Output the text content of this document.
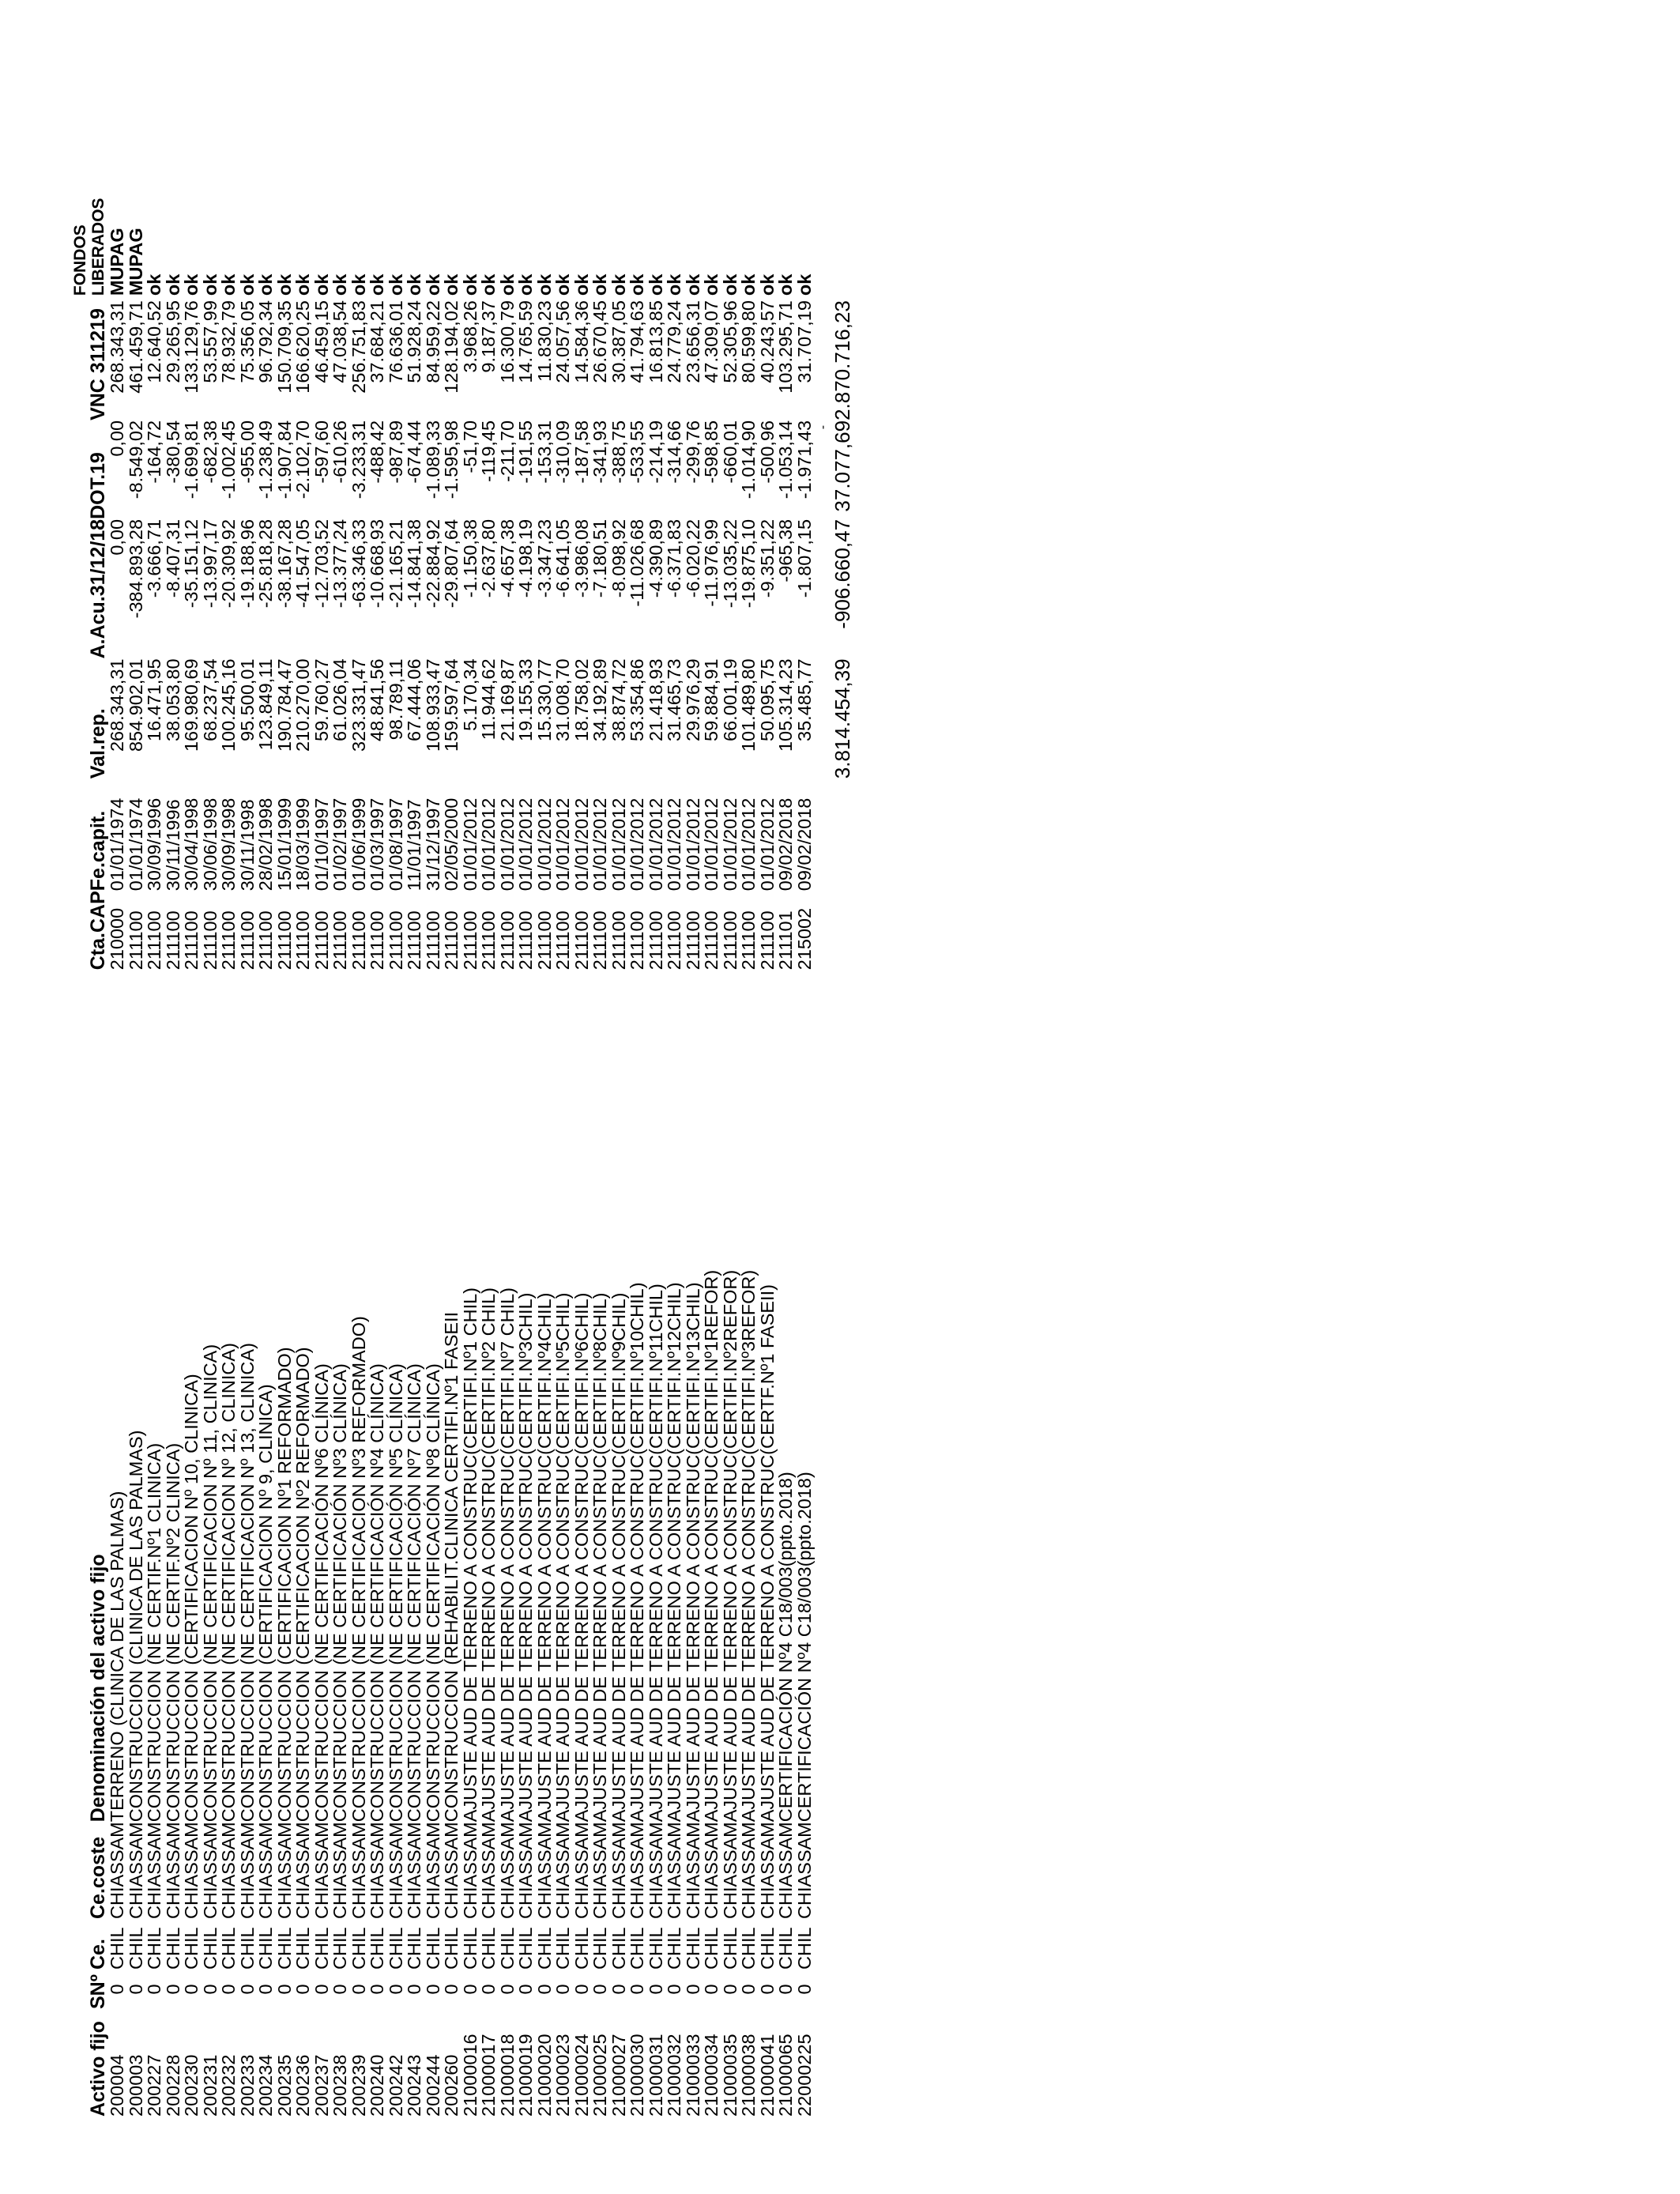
Activo fijo	SNº	Ce.	Ce.coste	Denominación del activo fijo	Cta.CAP	Fe.capit.	Val.rep.	A.Acu.31/12/18	DOT.19	VNC 311219	FONDOS LIBERADOS

200004	0	CHIL	CHIASSAM	TERRENO (CLINICA DE LAS PALMAS)	210000	01/01/1974	268.343,31	0,00	0,00	268.343,31	MUPAG
200003	0	CHIL	CHIASSAM	CONSTRUCCION (CLINICA DE LAS PALMAS)	211100	01/01/1974	854.902,01	-384.893,28	-8.549,02	461.459,71	MUPAG
200227	0	CHIL	CHIASSAM	CONSTRUCCION (NE CERTIF.Nº1 CLINICA)	211100	30/09/1996	16.471,95	-3.666,71	-164,72	12.640,52	ok
200228	0	CHIL	CHIASSAM	CONSTRUCCION (NE CERTIF.Nº2 CLINICA)	211100	30/11/1996	38.053,80	-8.407,31	-380,54	29.265,95	ok
200230	0	CHIL	CHIASSAM	CONSTRUCCION (CERTIFICACION Nº 10, CLINICA)	211100	30/04/1998	169.980,69	-35.151,12	-1.699,81	133.129,76	ok
200231	0	CHIL	CHIASSAM	CONSTRUCCION (NE CERTIFICACION Nº 11, CLINICA)	211100	30/06/1998	68.237,54	-13.997,17	-682,38	53.557,99	ok
200232	0	CHIL	CHIASSAM	CONSTRUCCION (NE CERTIFICACION Nº 12, CLINICA)	211100	30/09/1998	100.245,16	-20.309,92	-1.002,45	78.932,79	ok
200233	0	CHIL	CHIASSAM	CONSTRUCCION (NE CERTIFICACION Nº 13, CLINICA)	211100	30/11/1998	95.500,01	-19.188,96	-955,00	75.356,05	ok
200234	0	CHIL	CHIASSAM	CONSTRUCCION (CERTIFICACION Nº 9, CLINICA)	211100	28/02/1998	123.849,11	-25.818,28	-1.238,49	96.792,34	ok
200235	0	CHIL	CHIASSAM	CONSTRUCCION (CERTIFICACION Nº1 REFORMADO)	211100	15/01/1999	190.784,47	-38.167,28	-1.907,84	150.709,35	ok
200236	0	CHIL	CHIASSAM	CONSTRUCCION (CERTIFICACION Nº2 REFORMADO)	211100	18/03/1999	210.270,00	-41.547,05	-2.102,70	166.620,25	ok
200237	0	CHIL	CHIASSAM	CONSTRUCCION (NE CERTIFICACIÓN Nº6 CLÍNICA)	211100	01/10/1997	59.760,27	-12.703,52	-597,60	46.459,15	ok
200238	0	CHIL	CHIASSAM	CONSTRUCCION (NE CERTIFICACIÓN Nº3 CLÍNICA)	211100	01/02/1997	61.026,04	-13.377,24	-610,26	47.038,54	ok
200239	0	CHIL	CHIASSAM	CONSTRUCCION (NE CERTIFICACION Nº3 REFORMADO)	211100	01/06/1999	323.331,47	-63.346,33	-3.233,31	256.751,83	ok
200240	0	CHIL	CHIASSAM	CONSTRUCCION (NE CERTIFICACIÓN Nº4 CLÍNICA)	211100	01/03/1997	48.841,56	-10.668,93	-488,42	37.684,21	ok
200242	0	CHIL	CHIASSAM	CONSTRUCCION (NE CERTIFICACIÓN Nº5 CLÍNICA)	211100	01/08/1997	98.789,11	-21.165,21	-987,89	76.636,01	ok
200243	0	CHIL	CHIASSAM	CONSTRUCCION (NE CERTIFICACIÓN Nº7 CLÍNICA)	211100	11/01/1997	67.444,06	-14.841,38	-674,44	51.928,24	ok
200244	0	CHIL	CHIASSAM	CONSTRUCCION (NE CERTIFICACIÓN Nº8 CLÍNICA)	211100	31/12/1997	108.933,47	-22.884,92	-1.089,33	84.959,22	ok
200260	0	CHIL	CHIASSAM	CONSTRUCCION (REHABILIT.CLINICA CERTIFI.Nº1 FASEII	211100	02/05/2000	159.597,64	-29.807,64	-1.595,98	128.194,02	ok
21000016	0	CHIL	CHIASSAM	AJUSTE AUD DE TERRENO A CONSTRUC(CERTIFI.Nº1 CHIL)	211100	01/01/2012	5.170,34	-1.150,38	-51,70	3.968,26	ok
21000017	0	CHIL	CHIASSAM	AJUSTE AUD DE TERRENO A CONSTRUC(CERTIFI.Nº2 CHIL)	211100	01/01/2012	11.944,62	-2.637,80	-119,45	9.187,37	ok
21000018	0	CHIL	CHIASSAM	AJUSTE AUD DE TERRENO A CONSTRUC(CERTIFI.Nº7 CHIL)	211100	01/01/2012	21.169,87	-4.657,38	-211,70	16.300,79	ok
21000019	0	CHIL	CHIASSAM	AJUSTE AUD DE TERRENO A CONSTRUC(CERTIFI.Nº3CHIL)	211100	01/01/2012	19.155,33	-4.198,19	-191,55	14.765,59	ok
21000020	0	CHIL	CHIASSAM	AJUSTE AUD DE TERRENO A CONSTRUC(CERTIFI.Nº4CHIL)	211100	01/01/2012	15.330,77	-3.347,23	-153,31	11.830,23	ok
21000023	0	CHIL	CHIASSAM	AJUSTE AUD DE TERRENO A CONSTRUC(CERTIFI.Nº5CHIL)	211100	01/01/2012	31.008,70	-6.641,05	-310,09	24.057,56	ok
21000024	0	CHIL	CHIASSAM	AJUSTE AUD DE TERRENO A CONSTRUC(CERTIFI.Nº6CHIL)	211100	01/01/2012	18.758,02	-3.986,08	-187,58	14.584,36	ok
21000025	0	CHIL	CHIASSAM	AJUSTE AUD DE TERRENO A CONSTRUC(CERTIFI.Nº8CHIL)	211100	01/01/2012	34.192,89	-7.180,51	-341,93	26.670,45	ok
21000027	0	CHIL	CHIASSAM	AJUSTE AUD DE TERRENO A CONSTRUC(CERTIFI.Nº9CHIL)	211100	01/01/2012	38.874,72	-8.098,92	-388,75	30.387,05	ok
21000030	0	CHIL	CHIASSAM	AJUSTE AUD DE TERRENO A CONSTRUC(CERTIFI.Nº10CHIL)	211100	01/01/2012	53.354,86	-11.026,68	-533,55	41.794,63	ok
21000031	0	CHIL	CHIASSAM	AJUSTE AUD DE TERRENO A CONSTRUC(CERTIFI.Nº11CHIL)	211100	01/01/2012	21.418,93	-4.390,89	-214,19	16.813,85	ok
21000032	0	CHIL	CHIASSAM	AJUSTE AUD DE TERRENO A CONSTRUC(CERTIFI.Nº12CHIL)	211100	01/01/2012	31.465,73	-6.371,83	-314,66	24.779,24	ok
21000033	0	CHIL	CHIASSAM	AJUSTE AUD DE TERRENO A CONSTRUC(CERTIFI.Nº13CHIL)	211100	01/01/2012	29.976,29	-6.020,22	-299,76	23.656,31	ok
21000034	0	CHIL	CHIASSAM	AJUSTE AUD DE TERRENO A CONSTRUC(CERTIFI.Nº1REFOR)	211100	01/01/2012	59.884,91	-11.976,99	-598,85	47.309,07	ok
21000035	0	CHIL	CHIASSAM	AJUSTE AUD DE TERRENO A CONSTRUC(CERTIFI.Nº2REFOR)	211100	01/01/2012	66.001,19	-13.035,22	-660,01	52.305,96	ok
21000038	0	CHIL	CHIASSAM	AJUSTE AUD DE TERRENO A CONSTRUC(CERTIFI.Nº3REFOR)	211100	01/01/2012	101.489,80	-19.875,10	-1.014,90	80.599,80	ok
21000041	0	CHIL	CHIASSAM	AJUSTE AUD DE TERRENO A CONSTRUC(CERTF.Nº1 FASEII)	211100	01/01/2012	50.095,75	-9.351,22	-500,96	40.243,57	ok
21000065	0	CHIL	CHIASSAM	CERTIFICACIÓN Nº4 C18/003(ppto.2018)	211101	09/02/2018	105.314,23	-965,38	-1.053,14	103.295,71	ok
22000225	0	CHIL	CHIASSAM	CERTIFICACIÓN Nº4 C18/003(ppto.2018)	215002	09/02/2018	35.485,77	-1.807,15	-1.971,43	31.707,19	ok
									-		
							3.814.454,39	-906.660,47	37.077,69	2.870.716,23	
